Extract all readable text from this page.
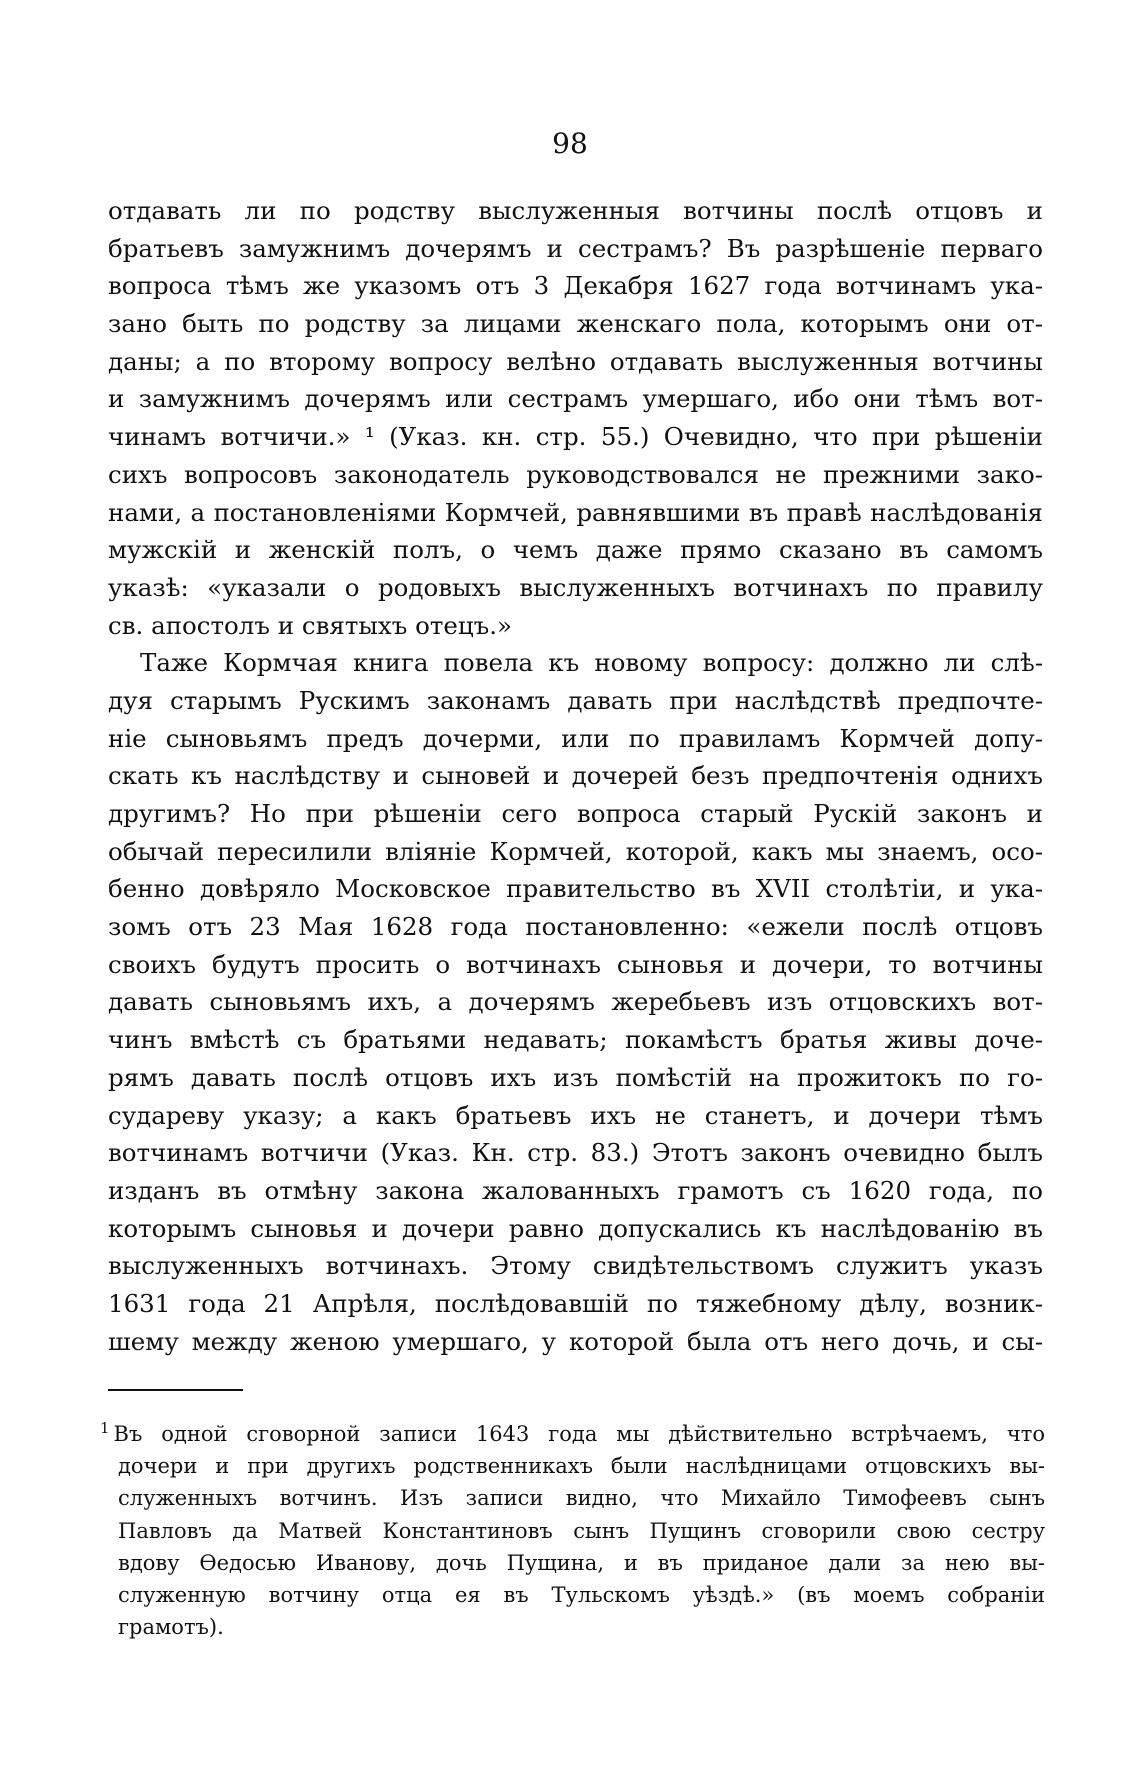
98
отдавать ли по родству выслуженныя вотчины послѣ отцовъ и
братьевъ замужнимъ дочерямъ и сестрамъ? Въ разрѣшеніе перваго
вопроса тѣмъ же указомъ отъ 3 Декабря 1627 года вотчинамъ ука-
зано быть по родству за лицами женскаго пола, которымъ они от-
даны; а по второму вопросу велѣно отдавать выслуженныя вотчины
и замужнимъ дочерямъ или сестрамъ умершаго, ибо они тѣмъ вот-
чинамъ вотчичи.» ¹ (Указ. кн. стр. 55.) Очевидно, что при рѣшеніи
сихъ вопросовъ законодатель руководствовался не прежними зако-
нами, а постановленіями Кормчей, равнявшими въ правѣ наслѣдованія
мужскій и женскій полъ, о чемъ даже прямо сказано въ самомъ
указѣ: «указали о родовыхъ выслуженныхъ вотчинахъ по правилу
св. апостолъ и святыхъ отецъ.»
Таже Кормчая книга повела къ новому вопросу: должно ли слѣ-
дуя старымъ Рускимъ законамъ давать при наслѣдствѣ предпочте-
ніе сыновьямъ предъ дочерми, или по правиламъ Кормчей допу-
скать къ наслѣдству и сыновей и дочерей безъ предпочтенія однихъ
другимъ? Но при рѣшеніи сего вопроса старый Рускій законъ и
обычай пересилили вліяніе Кормчей, которой, какъ мы знаемъ, осо-
бенно довѣряло Московское правительство въ XVII столѣтіи, и ука-
зомъ отъ 23 Мая 1628 года постановленно: «ежели послѣ отцовъ
своихъ будутъ просить о вотчинахъ сыновья и дочери, то вотчины
давать сыновьямъ ихъ, а дочерямъ жеребьевъ изъ отцовскихъ вот-
чинъ вмѣстѣ съ братьями недавать; покамѣстъ братья живы доче-
рямъ давать послѣ отцовъ ихъ изъ помѣстій на прожитокъ по го-
судареву указу; а какъ братьевъ ихъ не станетъ, и дочери тѣмъ
вотчинамъ вотчичи (Указ. Кн. стр. 83.) Этотъ законъ очевидно былъ
изданъ въ отмѣну закона жалованныхъ грамотъ съ 1620 года, по
которымъ сыновья и дочери равно допускались къ наслѣдованію въ
выслуженныхъ вотчинахъ. Этому свидѣтельствомъ служитъ указъ
1631 года 21 Апрѣля, послѣдовавшій по тяжебному дѣлу, возник-
шему между женою умершаго, у которой была отъ него дочь, и сы-
$^1$ Въ одной сговорной записи 1643 года мы дѣйствительно встрѣчаемъ, что
дочери и при другихъ родственникахъ были наслѣдницами отцовскихъ вы-
служенныхъ вотчинъ. Изъ записи видно, что Михайло Тимофеевъ сынъ
Павловъ да Матвей Константиновъ сынъ Пущинъ сговорили свою сестру
вдову Ѳедосью Иванову, дочь Пущина, и въ приданое дали за нею вы-
служенную вотчину отца ея въ Тульскомъ уѣздѣ.» (въ моемъ собраніи
грамотъ).
